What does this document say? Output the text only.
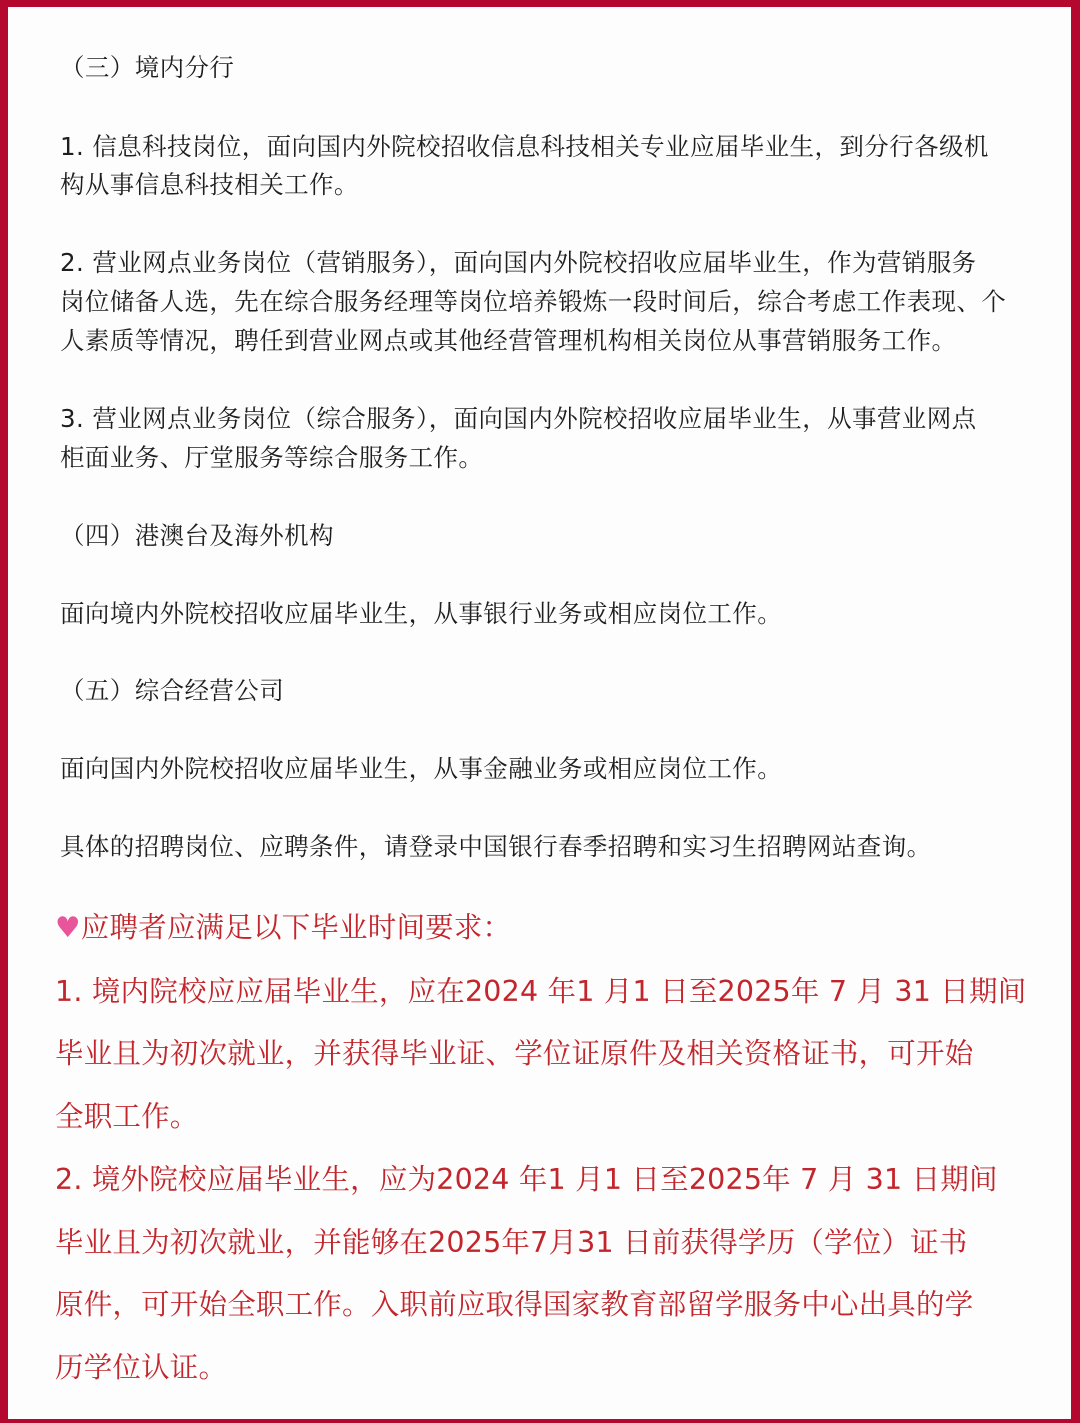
（三）境内分行
1. 信息科技岗位，面向国内外院校招收信息科技相关专业应届毕业生，到分行各级机
构从事信息科技相关工作。
2. 营业网点业务岗位（营销服务），面向国内外院校招收应届毕业生，作为营销服务
岗位储备人选，先在综合服务经理等岗位培养锻炼一段时间后，综合考虑工作表现、个
人素质等情况，聘任到营业网点或其他经营管理机构相关岗位从事营销服务工作。
3. 营业网点业务岗位（综合服务），面向国内外院校招收应届毕业生，从事营业网点
柜面业务、厅堂服务等综合服务工作。
（四）港澳台及海外机构
面向境内外院校招收应届毕业生，从事银行业务或相应岗位工作。
（五）综合经营公司
面向国内外院校招收应届毕业生，从事金融业务或相应岗位工作。
具体的招聘岗位、应聘条件，请登录中国银行春季招聘和实习生招聘网站查询。
♥应聘者应满足以下毕业时间要求：
1. 境内院校应应届毕业生，应在2024 年1 月1 日至2025年 7 月 31 日期间
毕业且为初次就业，并获得毕业证、学位证原件及相关资格证书，可开始
全职工作。
2. 境外院校应届毕业生，应为2024 年1 月1 日至2025年 7 月 31 日期间
毕业且为初次就业，并能够在2025年7月31 日前获得学历（学位）证书
原件，可开始全职工作。入职前应取得国家教育部留学服务中心出具的学
历学位认证。
